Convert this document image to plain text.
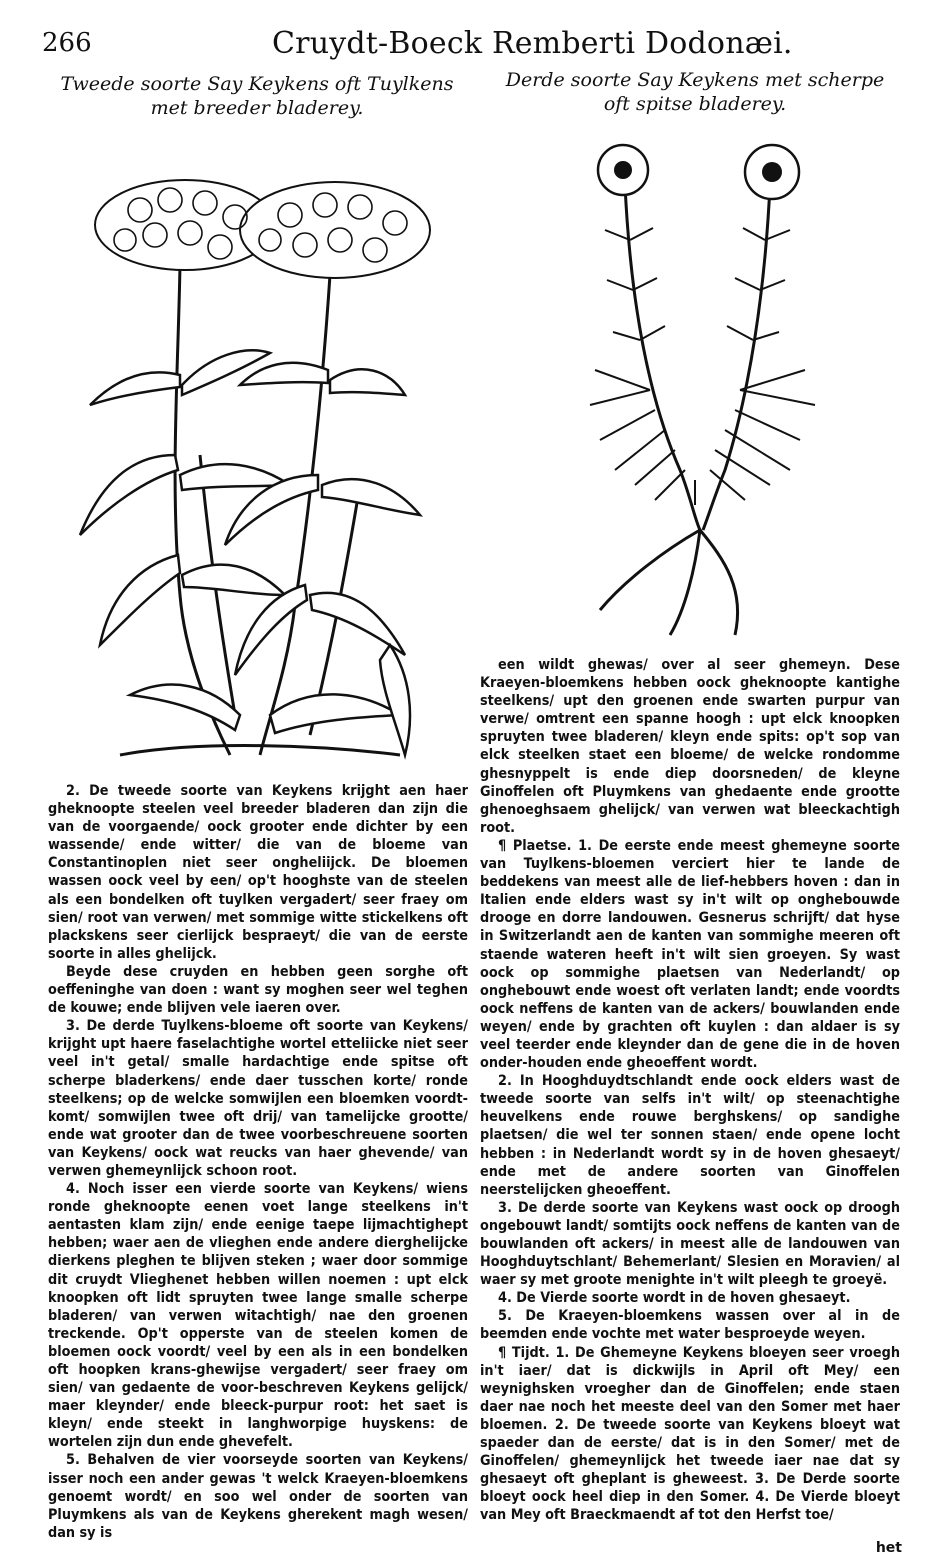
266	Cruydt-Boeck Remberti Dodonæi.
Tweede soorte Say Keykens oft Tuylkens met breeder bladerey.
Derde soorte Say Keykens met scherpe oft spitse bladerey.

2. De tweede soorte van Keykens krijght aen haer gheknoopte steelen veel breeder bladeren dan zijn die van de voorgaende/ oock grooter ende dichter by een wassende/ ende witter/ die van de bloeme van Constantinoplen niet seer ongheliijck. De bloemen wassen oock veel by een/ op't hooghste van de steelen als een bondelken oft tuylken vergadert/ seer fraey om sien/ root van verwen/ met sommige witte stickelkens oft plackskens seer cierlijck bespraeyt/ die van de eerste soorte in alles ghelijck.

Beyde dese cruyden en hebben geen sorghe oft oeffeninghe van doen : want sy moghen seer wel teghen de kouwe; ende blijven vele iaeren over.

3. De derde Tuylkens-bloeme oft soorte van Keykens/ krijght upt haere faselachtighe wortel etteliicke niet seer veel in't getal/ smalle hardachtige ende spitse oft scherpe bladerkens/ ende daer tusschen korte/ ronde steelkens; op de welcke somwijlen een bloemken voordt-komt/ somwijlen twee oft drij/ van tamelijcke grootte/ ende wat grooter dan de twee voorbeschreuene soorten van Keykens/ oock wat reucks van haer ghevende/ van verwen ghemeynlijck schoon root.

4. Noch isser een vierde soorte van Keykens/ wiens ronde gheknoopte eenen voet lange steelkens in't aentasten klam zijn/ ende eenige taepe lijmachtighept hebben; waer aen de vlieghen ende andere dierghelijcke dierkens pleghen te blijven steken ; waer door sommige dit cruydt Vlieghenet hebben willen noemen : upt elck knoopken oft lidt spruyten twee lange smalle scherpe bladeren/ van verwen witachtigh/ nae den groenen treckende. Op't opperste van de steelen komen de bloemen oock voordt/ veel by een als in een bondelken oft hoopken krans-ghewijse vergadert/ seer fraey om sien/ van gedaente de voor-beschreven Keykens gelijck/ maer kleynder/ ende bleeck-purpur root: het saet is kleyn/ ende steekt in langhworpige huyskens: de wortelen zijn dun ende ghevefelt.

5. Behalven de vier voorseyde soorten van Keykens/ isser noch een ander gewas 't welck Kraeyen-bloemkens genoemt wordt/ en soo wel onder de soorten van Pluymkens als van de Keykens gherekent magh wesen/ dan sy is

een wildt ghewas/ over al seer ghemeyn. Dese Kraeyen-bloemkens hebben oock gheknoopte kantighe steelkens/ upt den groenen ende swarten purpur van verwe/ omtrent een spanne hoogh : upt elck knoopken spruyten twee bladeren/ kleyn ende spits: op't sop van elck steelken staet een bloeme/ de welcke rondomme ghesnyppelt is ende diep doorsneden/ de kleyne Ginoffelen oft Pluymkens van ghedaente ende grootte ghenoeghsaem ghelijck/ van verwen wat bleeckachtigh root.

¶ Plaetse. 1. De eerste ende meest ghemeyne soorte van Tuylkens-bloemen verciert hier te lande de beddekens van meest alle de lief-hebbers hoven : dan in Italien ende elders wast sy in't wilt op onghebouwde drooge en dorre landouwen. Gesnerus schrijft/ dat hyse in Switzerlandt aen de kanten van sommighe meeren oft staende wateren heeft in't wilt sien groeyen. Sy wast oock op sommighe plaetsen van Nederlandt/ op onghebouwt ende woest oft verlaten landt; ende voordts oock neffens de kanten van de ackers/ bouwlanden ende weyen/ ende by grachten oft kuylen : dan aldaer is sy veel teerder ende kleynder dan de gene die in de hoven onder-houden ende gheoeffent wordt.

2. In Hooghduydtschlandt ende oock elders wast de tweede soorte van selfs in't wilt/ op steenachtighe heuvelkens ende rouwe berghskens/ op sandighe plaetsen/ die wel ter sonnen staen/ ende opene locht hebben : in Nederlandt wordt sy in de hoven ghesaeyt/ ende met de andere soorten van Ginoffelen neerstelijcken gheoeffent.

3. De derde soorte van Keykens wast oock op droogh ongebouwt landt/ somtijts oock neffens de kanten van de bouwlanden oft ackers/ in meest alle de landouwen van Hooghduytschlant/ Behemerlant/ Slesien en Moravien/ al waer sy met groote menighte in't wilt pleegh te groeyë.

4. De Vierde soorte wordt in de hoven ghesaeyt.

5. De Kraeyen-bloemkens wassen over al in de beemden ende vochte met water besproeyde weyen.

¶ Tijdt. 1. De Ghemeyne Keykens bloeyen seer vroegh in't iaer/ dat is dickwijls in April oft Mey/ een weynighsken vroegher dan de Ginoffelen; ende staen daer nae noch het meeste deel van den Somer met haer bloemen. 2. De tweede soorte van Keykens bloeyt wat spaeder dan de eerste/ dat is in den Somer/ met de Ginoffelen/ ghemeynlijck het tweede iaer nae dat sy ghesaeyt oft gheplant is gheweest. 3. De Derde soorte bloeyt oock heel diep in den Somer. 4. De Vierde bloeyt van Mey oft Braeckmaendt af tot den Herfst toe/

het
